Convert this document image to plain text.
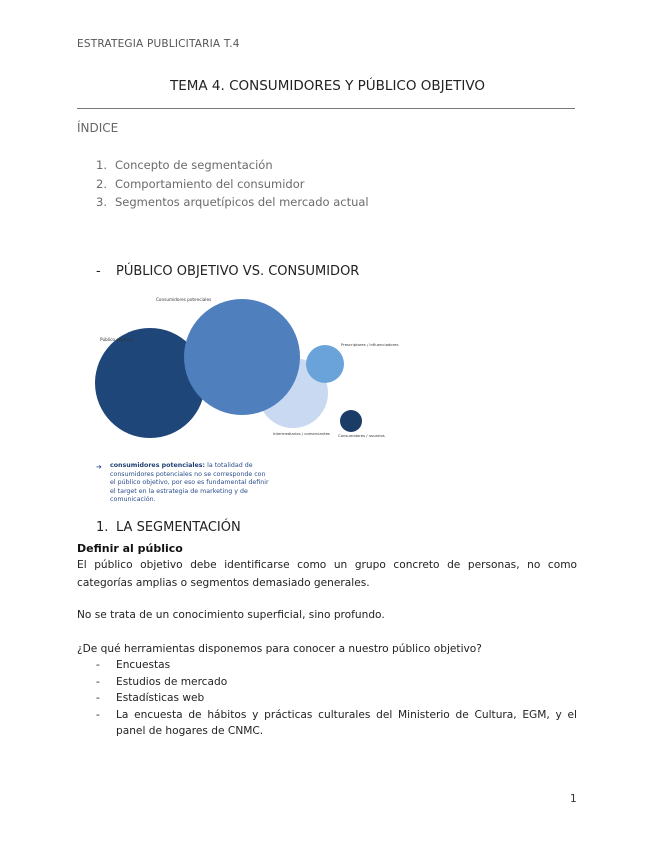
ESTRATEGIA PUBLICITARIA T.4
TEMA 4. CONSUMIDORES Y PÚBLICO OBJETIVO
ÍNDICE
1. Concepto de segmentación
2. Comportamiento del consumidor
3. Segmentos arquetípicos del mercado actual
- PÚBLICO OBJETIVO VS. CONSUMIDOR
Consumidores potenciales
Público objetivo
Prescriptores / influenciadores
Intermediarios / comerciantes Consumidores / usuarios
➔ consumidores potenciales: la totalidad de consumidores potenciales no se corresponde con el público objetivo, por eso es fundamental definir el target en la estrategia de marketing y de comunicación.
1. LA SEGMENTACIÓN
Definir al público
El público objetivo debe identificarse como un grupo concreto de personas, no como categorías amplias o segmentos demasiado generales.
No se trata de un conocimiento superficial, sino profundo.
¿De qué herramientas disponemos para conocer a nuestro público objetivo?
- Encuestas
- Estudios de mercado
- Estadísticas web
- La encuesta de hábitos y prácticas culturales del Ministerio de Cultura, EGM, y el panel de hogares de CNMC.
1
